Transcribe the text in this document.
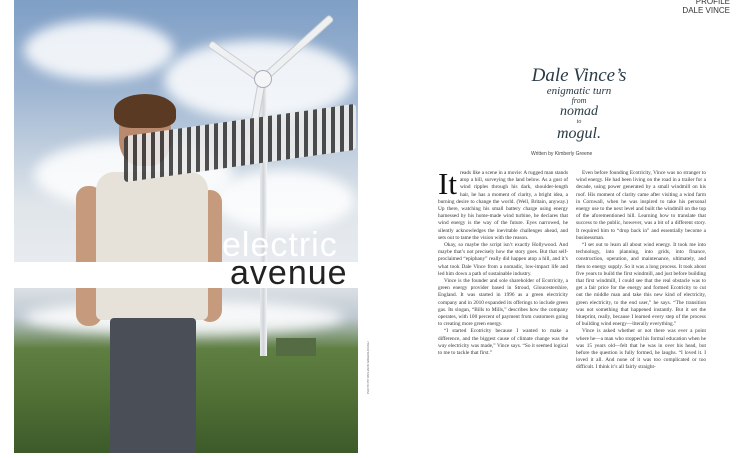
electric
avenue
PHOTO BY RICHARD GREENHOUGH
PROFILE
DALE VINCE
Dale Vince’s
enigmatic turn
from
nomad
to
mogul.
Written by Kimberly Greene
It reads like a scene in a movie: A rugged man stands atop a hill, surveying the land below. As a gust of wind ripples through his dark, shoulder-length hair, he has a moment of clarity, a bright idea, a burning desire to change the world. (Well, Britain, anyway.) Up there, watching his small battery charge using energy harnessed by his home-made wind turbine, he declares that wind energy is the way of the future. Eyes narrowed, he silently acknowledges the inevitable challenges ahead, and sets out to tame the vision with the reason.

Okay, so maybe the script isn’t exactly Hollywood. And maybe that’s not precisely how the story goes. But that self-proclaimed “epiphany” really did happen atop a hill, and it’s what took Dale Vince from a nomadic, low-impact life and led him down a path of sustainable industry.

Vince is the founder and sole shareholder of Ecotricity, a green energy provider based in Stroud, Gloucestershire, England. It was started in 1996 as a green electricity company and in 2010 expanded its offerings to include green gas. Its slogan, “Bills to Mills,” describes how the company operates, with 100 percent of payment from customers going to creating more green energy.

“I started Ecotricity because I wanted to make a difference, and the biggest cause of climate change was the way electricity was made,” Vince says. “So it seemed logical to me to tackle that first.”

Even before founding Ecotricity, Vince was no stranger to wind energy. He had been living on the road in a trailer for a decade, using power generated by a small windmill on his roof. His moment of clarity came after visiting a wind farm in Cornwall, when he was inspired to take his personal energy use to the next level and built the windmill on the top of the aforementioned hill. Learning how to translate that success to the public, however, was a bit of a different story. It required him to “drop back in” and essentially become a businessman.

“I set out to learn all about wind energy. It took me into technology, into planning, into grids, into finance, construction, operation, and maintenance, ultimately, and then to energy supply. So it was a long process. It took about five years to build the first windmill, and just before building that first windmill, I could see that the real obstacle was to get a fair price for the energy and formed Ecotricity to cut out the middle man and take this new kind of electricity, green electricity, to the end user,” he says. “The transition was not something that happened instantly. But it set the blueprint, really, because I learned every step of the process of building wind energy—literally everything.”

Vince is asked whether or not there was ever a point where he—a man who stopped his formal education when he was 15 years old—felt that he was in over his head, but before the question is fully formed, he laughs. “I loved it. I loved it all. And none of it was too complicated or too difficult. I think it’s all fairly straight-
